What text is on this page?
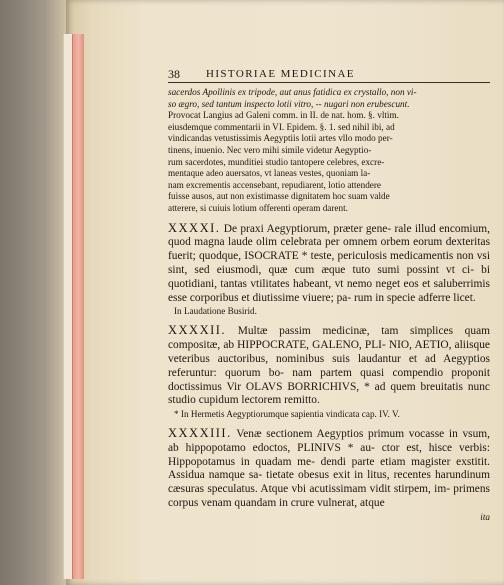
38 HISTORIAE MEDICINAE

sacerdos Apollinis ex tripode, aut anus fatidica ex crystallo, non vi-

so ægro, sed tantum inspecto lotii vitro, -- nugari non erubescunt.

Provocat Langius ad Galeni comm. in II. de nat. hom. §. vltim.

eiusdemque commentarii in VI. Epidem. §. 1. sed nihil ibi, ad

vindicandas vetustissimis Aegyptiis lotii artes vllo modo per-

tinens, inuenio. Nec vero mihi simile videtur Aegyptio-

rum sacerdotes, munditiei studio tantopere celebres, excre-

mentaque adeo auersatos, vt laneas vestes, quoniam la-

nam excrementis accensebant, repudiarent, lotio attendere

fuisse ausos, aut non existimasse dignitatem hoc suam valde

atterere, si cuiuis lotium offerenti operam darent.

XXXXI. De praxi Aegyptiorum, præter gene- rale illud encomium, quod magna laude olim celebrata per omnem orbem eorum dexteritas fuerit; quodque, ISOCRATE * teste, periculosis medicamentis non vsi sint, sed eiusmodi, quæ cum æque tuto sumi possint vt ci- bi quotidiani, tantas vtilitates habeant, vt nemo neget eos et saluberrimis esse corporibus et diutissime viuere; pa- rum in specie adferre licet.

In Laudatione Busirid.

XXXXII. Multæ passim medicinæ, tam simplices quam compositæ, ab HIPPOCRATE, GALENO, PLI- NIO, AETIO, aliisque veteribus auctoribus, nominibus suis laudantur et ad Aegyptios referuntur: quorum bo- nam partem quasi compendio proponit doctissimus Vir OLAVS BORRICHIVS, * ad quem breuitatis nunc studio cupidum lectorem remitto.

* In Hermetis Aegyptiorumque sapientia vindicata cap. IV. V.

XXXXIII. Venæ sectionem Aegyptios primum vocasse in vsum, ab hippopotamo edoctos, PLINIVS * au- ctor est, hisce verbis: Hippopotamus in quadam me- dendi parte etiam magister exstitit. Assidua namque sa- tietate obesus exit in litus, recentes harundinum cæsuras speculatus. Atque vbi acutissimam vidit stirpem, im- primens corpus venam quandam in crure vulnerat, atque

ita
